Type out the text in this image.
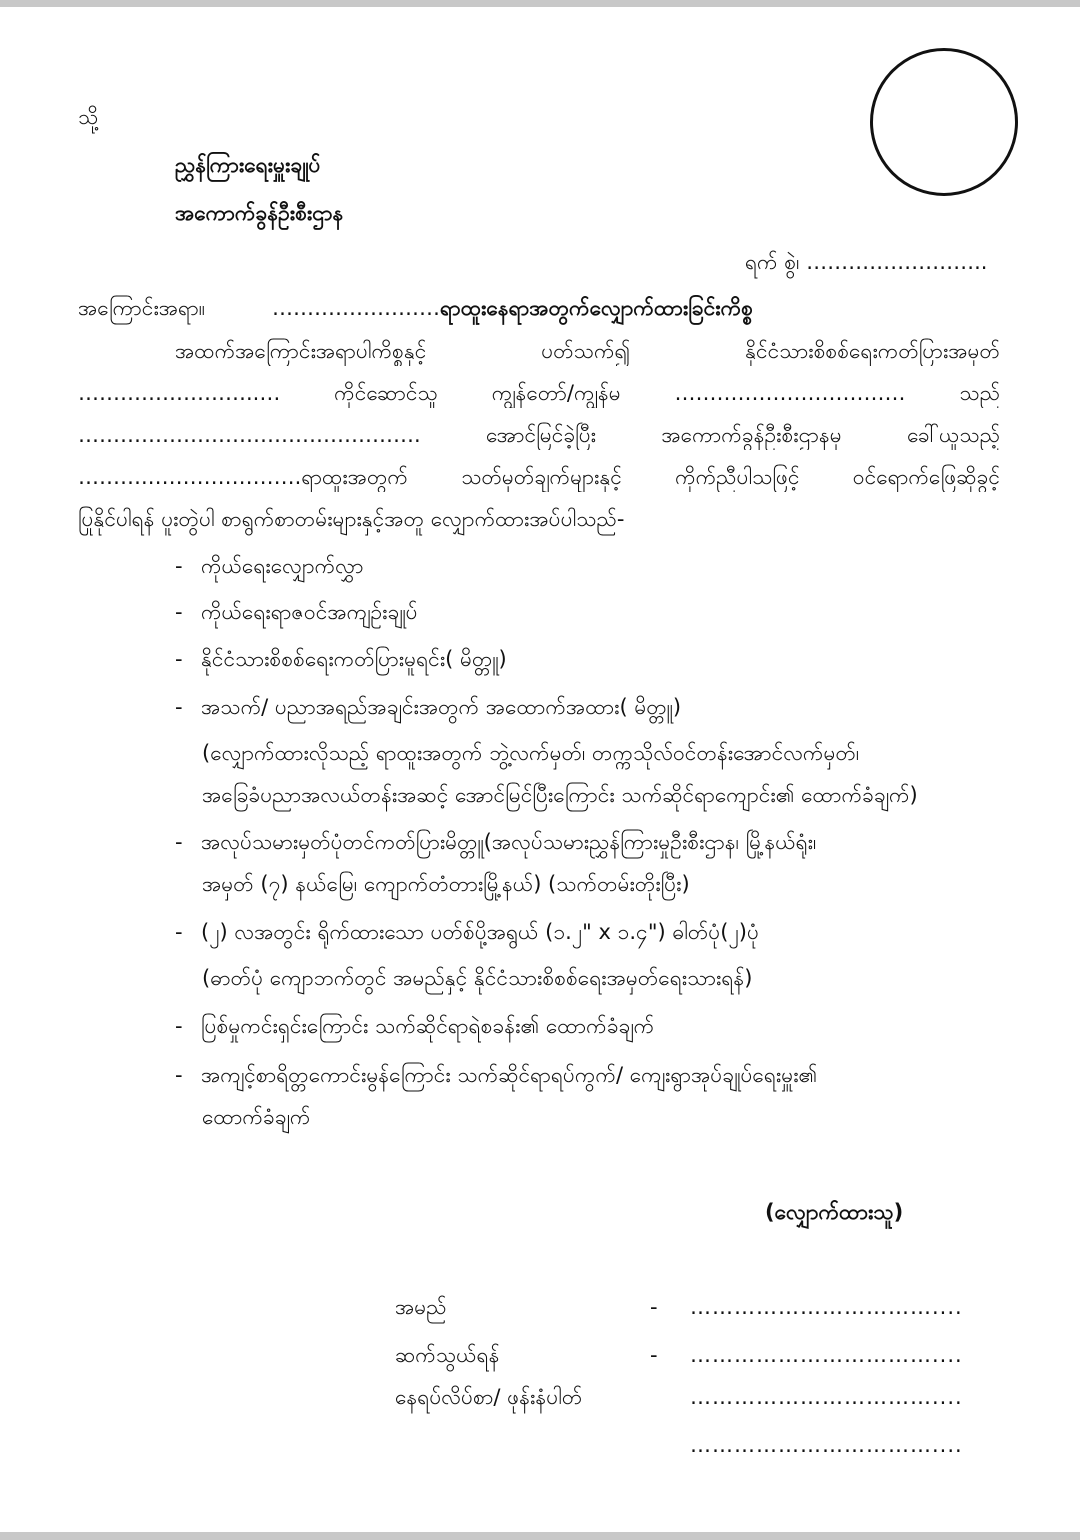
သို့
ညွှန်ကြားရေးမှူးချုပ်
အကောက်ခွန်ဦးစီးဌာန
ရက် စွဲ၊ ……………………..
အကြောင်းအရာ။	……………………ရာထူးနေရာအတွက်လျှောက်ထားခြင်းကိစ္စ
အထက်အကြောင်းအရာပါကိစ္စနှင့် ပတ်သက်၍ နိုင်ငံသားစိစစ်ရေးကတ်ပြားအမှတ်
……………………..… ကိုင်ဆောင်သူ ကျွန်တော်/ကျွန်မ …………………………… သည်
…………………………………………. အောင်မြင်ခဲ့ပြီး အကောက်ခွန်ဦးစီးဌာနမှ ခေါ်ယူသည့်
……….………………….ရာထူးအတွက် သတ်မှတ်ချက်များနှင့် ကိုက်ညီပါသဖြင့် ဝင်ရောက်ဖြေဆိုခွင့်
ပြုနိုင်ပါရန် ပူးတွဲပါ စာရွက်စာတမ်းများနှင့်အတူ လျှောက်ထားအပ်ပါသည်-
- ကိုယ်ရေးလျှောက်လွှာ
- ကိုယ်ရေးရာဇဝင်အကျဉ်းချုပ်
- နိုင်ငံသားစိစစ်ရေးကတ်ပြားမူရင်း( မိတ္တူ)
- အသက်/ ပညာအရည်အချင်းအတွက် အထောက်အထား( မိတ္တူ)
(လျှောက်ထားလိုသည့် ရာထူးအတွက် ဘွဲ့လက်မှတ်၊ တက္ကသိုလ်ဝင်တန်းအောင်လက်မှတ်၊
အခြေခံပညာအလယ်တန်းအဆင့် အောင်မြင်ပြီးကြောင်း သက်ဆိုင်ရာကျောင်း၏ ထောက်ခံချက်)
- အလုပ်သမားမှတ်ပုံတင်ကတ်ပြားမိတ္တူ(အလုပ်သမားညွှန်ကြားမှုဦးစီးဌာန၊ မြို့နယ်ရုံး၊
အမှတ် (၇) နယ်မြေ၊ ကျောက်တံတားမြို့နယ်) (သက်တမ်းတိုးပြီး)
- (၂) လအတွင်း ရိုက်ထားသော ပတ်စ်ပို့အရွယ် (၁.၂" x ၁.၄") ဓါတ်ပုံ(၂)ပုံ
(ဓာတ်ပုံ ကျောဘက်တွင် အမည်နှင့် နိုင်ငံသားစိစစ်ရေးအမှတ်ရေးသားရန်)
- ပြစ်မှုကင်းရှင်းကြောင်း သက်ဆိုင်ရာရဲစခန်း၏ ထောက်ခံချက်
- အကျင့်စာရိတ္တကောင်းမွန်ကြောင်း သက်ဆိုင်ရာရပ်ကွက်/ ကျေးရွာအုပ်ချုပ်ရေးမှူး၏
ထောက်ခံချက်
(လျှောက်ထားသူ)
အမည်	- ……………………………....
ဆက်သွယ်ရန်	- ……………………………....
နေရပ်လိပ်စာ/ ဖုန်းနံပါတ်	……………………………....
……………………………....
